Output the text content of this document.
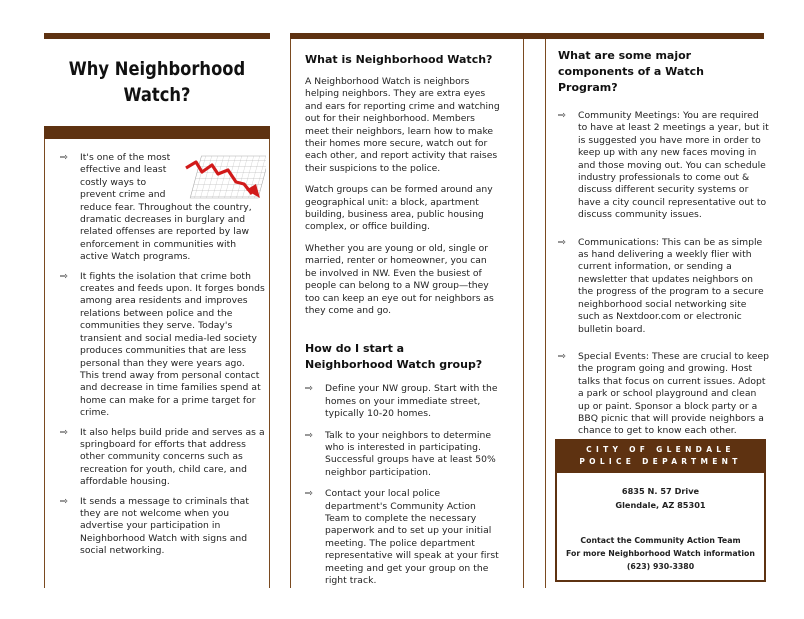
Why Neighborhood Watch?
⇨ It's one of the most effective and least costly ways to prevent crime and reduce fear. Throughout the country, dramatic decreases in burglary and related offenses are reported by law enforcement in communities with active Watch programs.
⇨ It fights the isolation that crime both creates and feeds upon. It forges bonds among area residents and improves relations between police and the communities they serve. Today's transient and social media-led society produces communities that are less personal than they were years ago. This trend away from personal contact and decrease in time families spend at home can make for a prime target for crime.
⇨ It also helps build pride and serves as a springboard for efforts that address other community concerns such as recreation for youth, child care, and affordable housing.
⇨ It sends a message to criminals that they are not welcome when you advertise your participation in Neighborhood Watch with signs and social networking.
What is Neighborhood Watch?

A Neighborhood Watch is neighbors helping neighbors. They are extra eyes and ears for reporting crime and watching out for their neighborhood. Members meet their neighbors, learn how to make their homes more secure, watch out for each other, and report activity that raises their suspicions to the police.

Watch groups can be formed around any geographical unit: a block, apartment building, business area, public housing complex, or office building.

Whether you are young or old, single or married, renter or homeowner, you can be involved in NW. Even the busiest of people can belong to a NW group—they too can keep an eye out for neighbors as they come and go.

How do I start a Neighborhood Watch group?
⇨ Define your NW group. Start with the homes on your immediate street, typically 10-20 homes.
⇨ Talk to your neighbors to determine who is interested in participating. Successful groups have at least 50% neighbor participation.
⇨ Contact your local police department's Community Action Team to complete the necessary paperwork and to set up your initial meeting. The police department representative will speak at your first meeting and get your group on the right track.
What are some major components of a Watch Program?
⇨ Community Meetings: You are required to have at least 2 meetings a year, but it is suggested you have more in order to keep up with any new faces moving in and those moving out. You can schedule industry professionals to come out & discuss different security systems or have a city council representative out to discuss community issues.
⇨ Communications: This can be as simple as hand delivering a weekly flier with current information, or sending a newsletter that updates neighbors on the progress of the program to a secure neighborhood social networking site such as Nextdoor.com or electronic bulletin board.
⇨ Special Events: These are crucial to keep the program going and growing. Host talks that focus on current issues. Adopt a park or school playground and clean up or paint. Sponsor a block party or a BBQ picnic that will provide neighbors a chance to get to know each other.
CITY OF GLENDALE
POLICE DEPARTMENT
6835 N. 57 Drive
Glendale, AZ 85301
Contact the Community Action Team
For more Neighborhood Watch information
(623) 930-3380
